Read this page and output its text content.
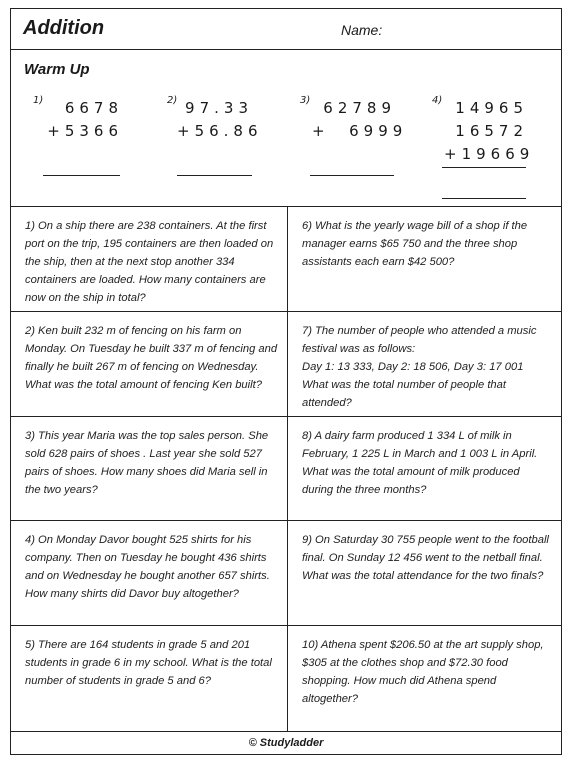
Addition	Name:
Warm Up
1)	6678
+5366
2) 97.33
+56.86
3) 62789
+  6999
4) 14965
16572
+19669

1) On a ship there are 238 containers. At the first port on the trip, 195 containers are then loaded on the ship, then at the next stop another 334 containers are loaded. How many containers are now on the ship in total?

6) What is the yearly wage bill of a shop if the manager earns $65 750 and the three shop assistants each earn $42 500?

2) Ken built 232 m of fencing on his farm on Monday. On Tuesday he built 337 m of fencing and finally he built 267 m of fencing on Wednesday. What was the total amount of fencing Ken built?

7) The number of people who attended a music festival was as follows:

Day 1: 13 333, Day 2: 18 506, Day 3: 17 001

What was the total number of people that attended?

3) This year Maria was the top sales person. She sold 628 pairs of shoes . Last year she sold 527 pairs of shoes. How many shoes did Maria sell in the two years?

8) A dairy farm produced 1 334 L of milk in February, 1 225 L in March and 1 003 L in April. What was the total amount of milk produced during the three months?

4) On Monday Davor bought 525 shirts for his company. Then on Tuesday he bought 436 shirts and on Wednesday he bought another 657 shirts. How many shirts did Davor buy altogether?

9) On Saturday 30 755 people went to the football final. On Sunday 12 456 went to the netball final. What was the total attendance for the two finals?

5) There are 164 students in grade 5 and 201 students in grade 6 in my school. What is the total number of students in grade 5 and 6?

10) Athena spent $206.50 at the art supply shop, $305 at the clothes shop and $72.30 food shopping. How much did Athena spend altogether?

© Studyladder
